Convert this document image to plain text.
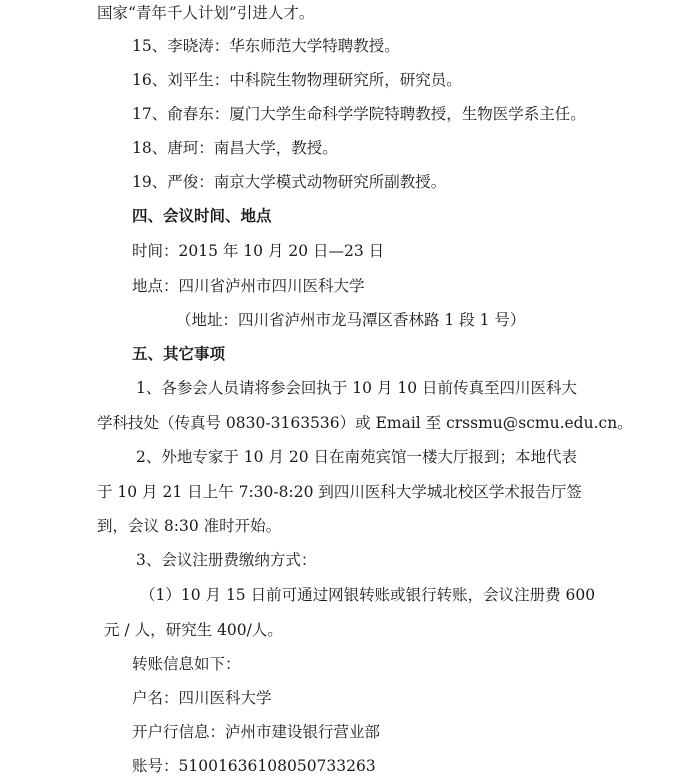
国家“青年千人计划”引进人才。
15、李晓涛：华东师范大学特聘教授。
16、刘平生：中科院生物物理研究所，研究员。
17、俞春东：厦门大学生命科学学院特聘教授，生物医学系主任。
18、唐珂：南昌大学，教授。
19、严俊：南京大学模式动物研究所副教授。
四、会议时间、地点
时间：2015 年 10 月 20 日—23 日
地点：四川省泸州市四川医科大学
（地址：四川省泸州市龙马潭区香林路 1 段 1 号）
五、其它事项
1、各参会人员请将参会回执于 10 月 10 日前传真至四川医科大
学科技处（传真号 0830-3163536）或 Email 至 crssmu@scmu.edu.cn。
2、外地专家于 10 月 20 日在南苑宾馆一楼大厅报到；本地代表
于 10 月 21 日上午 7:30-8:20 到四川医科大学城北校区学术报告厅签
到，会议 8:30 准时开始。
3、会议注册费缴纳方式：
（1）10 月 15 日前可通过网银转账或银行转账，会议注册费 600
元 / 人，研究生 400/人。
转账信息如下：
户名：四川医科大学
开户行信息：泸州市建设银行营业部
账号：51001636108050733263
